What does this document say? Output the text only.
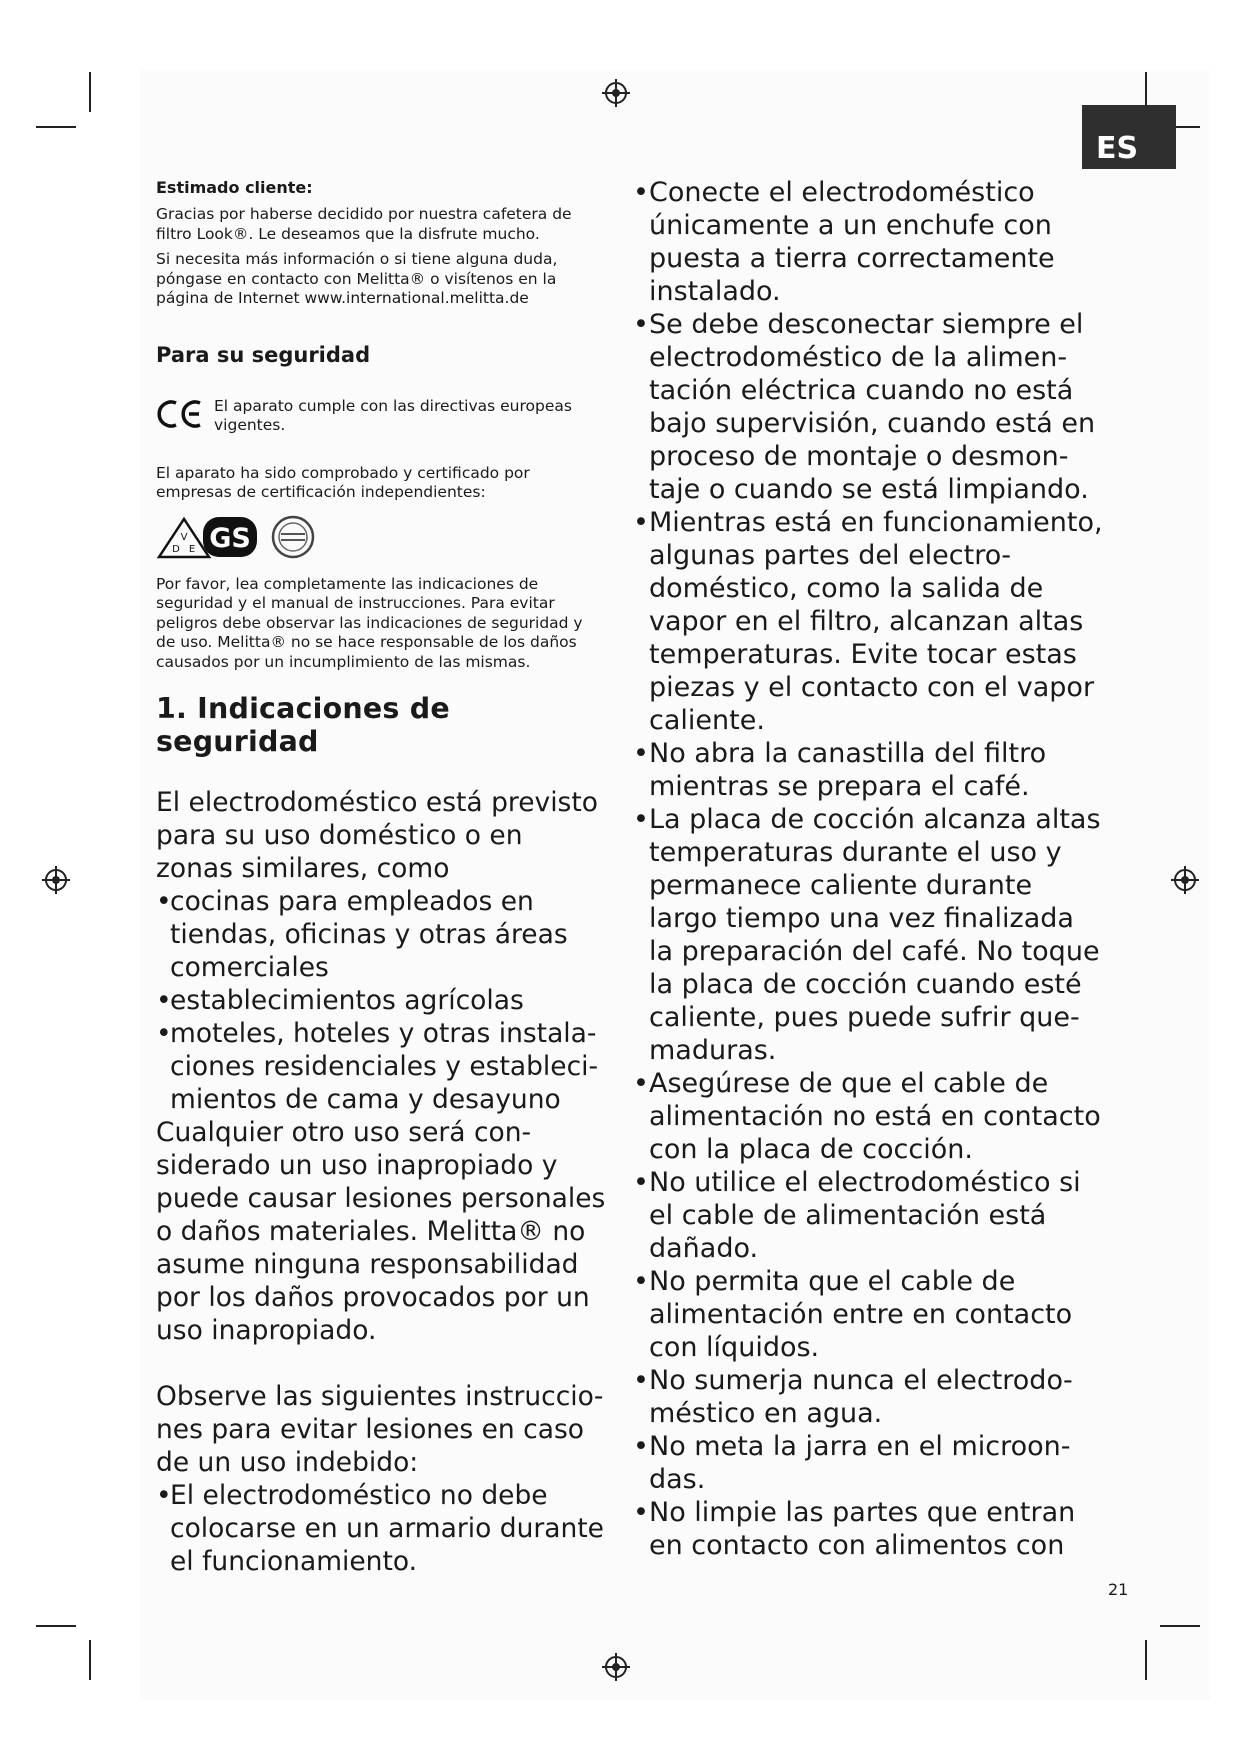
ES

Estimado cliente:

Gracias por haberse decidido por nuestra cafetera de filtro Look®. Le deseamos que la disfrute mucho.

Si necesita más información o si tiene alguna duda, póngase en contacto con Melitta® o visítenos en la página de Internet www.international.melitta.de

Para su seguridad

El aparato cumple con las directivas europeas vigentes.

El aparato ha sido comprobado y certificado por empresas de certificación independientes:

V
D E GS

Por favor, lea completamente las indicaciones de seguridad y el manual de instrucciones. Para evitar peligros debe observar las indicaciones de seguridad y de uso. Melitta® no se hace responsable de los daños causados por un incumplimiento de las mismas.

1. Indicaciones de seguridad

El electrodoméstico está previsto para su uso doméstico o en zonas similares, como

• cocinas para empleados en tiendas, oficinas y otras áreas comerciales
• establecimientos agrícolas
• moteles, hoteles y otras instalaciones residenciales y establecimientos de cama y desayuno

Cualquier otro uso será considerado un uso inapropiado y puede causar lesiones personales o daños materiales. Melitta® no asume ninguna responsabilidad por los daños provocados por un uso inapropiado.

Observe las siguientes instrucciones para evitar lesiones en caso de un uso indebido:

• El electrodoméstico no debe colocarse en un armario durante el funcionamiento.
• Conecte el electrodoméstico únicamente a un enchufe con puesta a tierra correctamente instalado.
• Se debe desconectar siempre el electrodoméstico de la alimentación eléctrica cuando no está bajo supervisión, cuando está en proceso de montaje o desmontaje o cuando se está limpiando.
• Mientras está en funcionamiento, algunas partes del electrodoméstico, como la salida de vapor en el filtro, alcanzan altas temperaturas. Evite tocar estas piezas y el contacto con el vapor caliente.
• No abra la canastilla del filtro mientras se prepara el café.
• La placa de cocción alcanza altas temperaturas durante el uso y permanece caliente durante largo tiempo una vez finalizada la preparación del café. No toque la placa de cocción cuando esté caliente, pues puede sufrir quemaduras.
• Asegúrese de que el cable de alimentación no está en contacto con la placa de cocción.
• No utilice el electrodoméstico si el cable de alimentación está dañado.
• No permita que el cable de alimentación entre en contacto con líquidos.
• No sumerja nunca el electrodoméstico en agua.
• No meta la jarra en el microondas.
• No limpie las partes que entran en contacto con alimentos con
21
